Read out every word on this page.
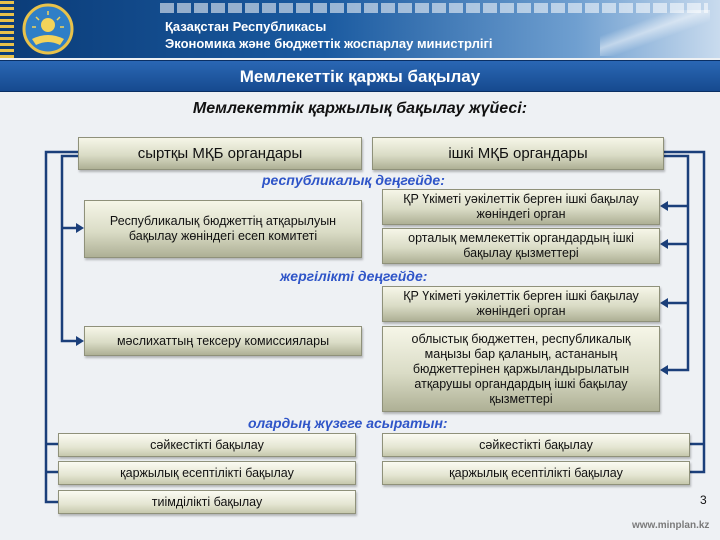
Қазақстан Республикасы
Экономика және бюджеттік жоспарлау министрлігі
Мемлекеттік қаржы бақылау
Мемлекеттік қаржылық бақылау жүйесі:
сыртқы МҚБ органдары	ішкі МҚБ органдары
республикалық деңгейде:
Республикалық бюджеттің атқарылуын бақылау жөніндегі есеп комитеті
ҚР Үкіметі уәкілеттік берген ішкі бақылау жөніндегі орган
орталық мемлекеттік органдардың ішкі бақылау қызметтері
жергілікті деңгейде:
ҚР Үкіметі уәкілеттік берген ішкі бақылау жөніндегі орган
мәслихаттың тексеру комиссиялары	облыстық бюджеттен, республикалық маңызы бар қаланың, астананың бюджеттерінен қаржыландырылатын атқарушы органдардың ішкі бақылау қызметтері
олардың жүзеге асыратын:
сәйкестікті бақылау
қаржылық есептілікті бақылау
тиімділікті бақылау
сәйкестікті бақылау
қаржылық есептілікті бақылау
3
www.minplan.kz
